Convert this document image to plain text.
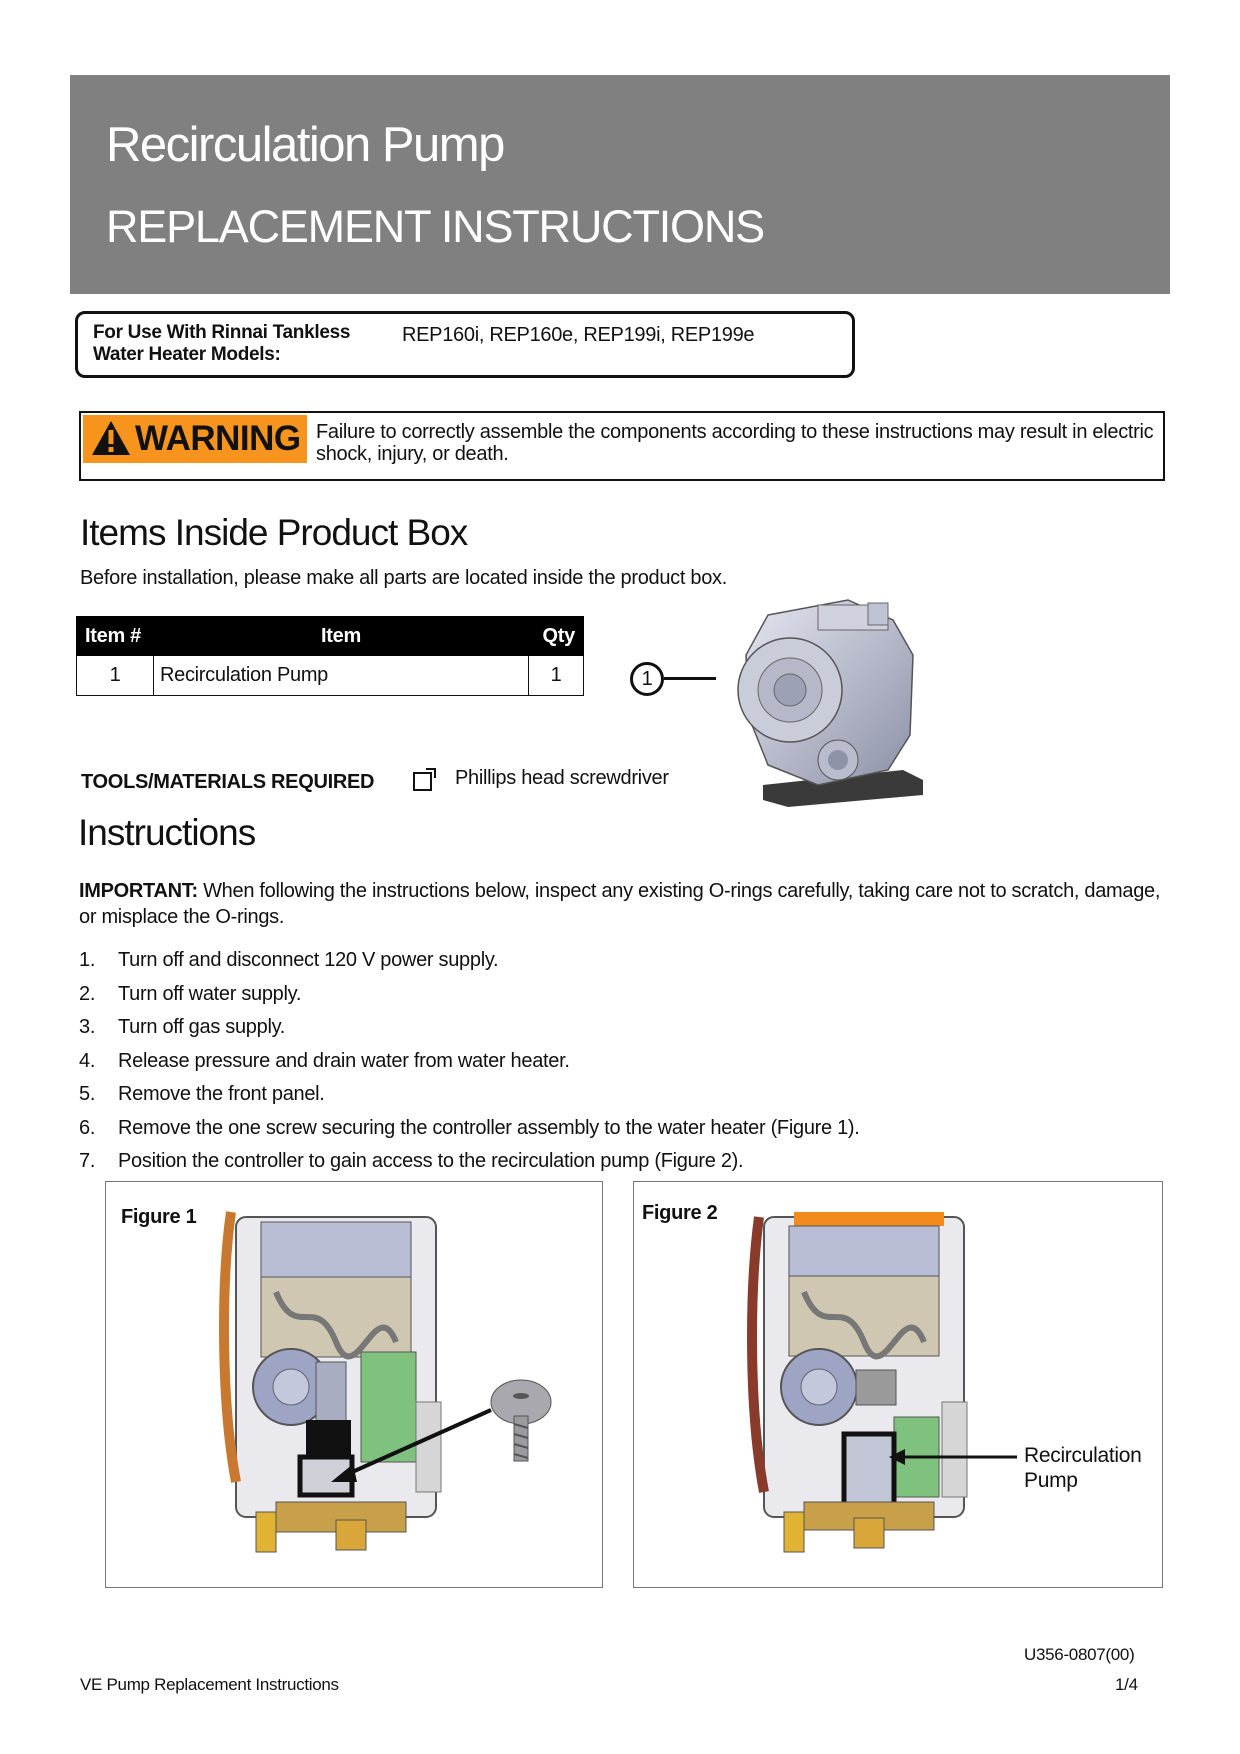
Recirculation Pump
REPLACEMENT INSTRUCTIONS
For Use With Rinnai Tankless Water Heater Models:
REP160i, REP160e, REP199i, REP199e
WARNING Failure to correctly assemble the components according to these instructions may result in electric shock, injury, or death.
Items Inside Product Box
Before installation, please make all parts are located inside the product box.
Item #	Item	Qty
1	Recirculation Pump	1	1
TOOLS/MATERIALS REQUIRED	Phillips head screwdriver
Instructions
IMPORTANT: When following the instructions below, inspect any existing O-rings carefully, taking care not to scratch, damage, or misplace the O-rings.
1. Turn off and disconnect 120 V power supply.
2. Turn off water supply.
3. Turn off gas supply.
4. Release pressure and drain water from water heater.
5. Remove the front panel.
6. Remove the one screw securing the controller assembly to the water heater (Figure 1).
7. Position the controller to gain access to the recirculation pump (Figure 2).
Figure 1	Figure 2
Recirculation
Pump
U356-0807(00)
VE Pump Replacement Instructions	1/4
